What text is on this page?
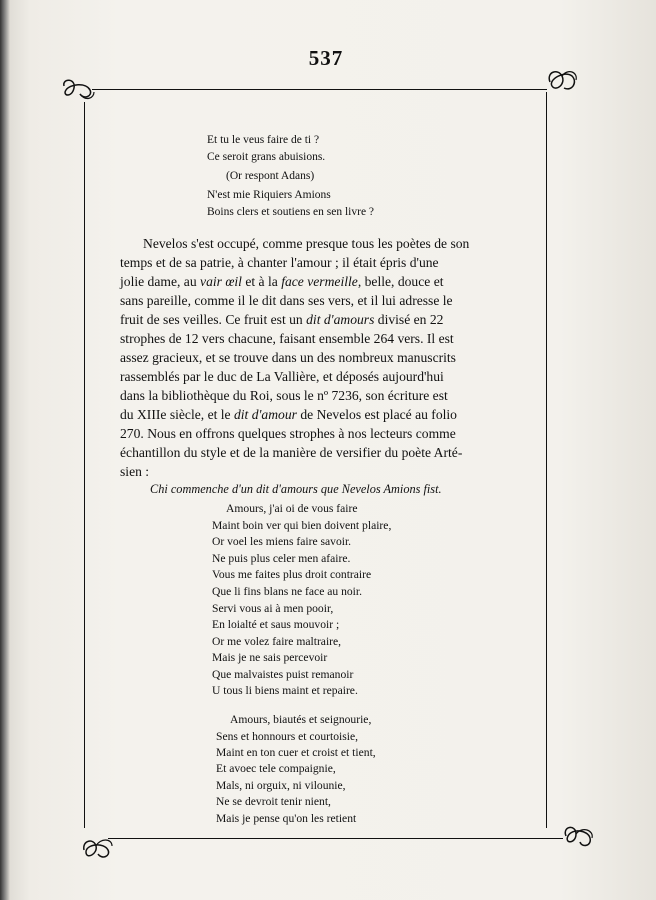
537
Et tu le veus faire de ti ?
Ce seroit grans abuisions.
(Or respont Adans)
N'est mie Riquiers Amions
Boins clers et soutiens en sen livre ?
Nevelos s'est occupé, comme presque tous les poètes de son
temps et de sa patrie, à chanter l'amour ; il était épris d'une
jolie dame, au vair œil et à la face vermeille, belle, douce et
sans pareille, comme il le dit dans ses vers, et il lui adresse le
fruit de ses veilles. Ce fruit est un dit d'amours divisé en 22
strophes de 12 vers chacune, faisant ensemble 264 vers. Il est
assez gracieux, et se trouve dans un des nombreux manuscrits
rassemblés par le duc de La Vallière, et déposés aujourd'hui
dans la bibliothèque du Roi, sous le nº 7236, son écriture est
du XIIIe siècle, et le dit d'amour de Nevelos est placé au folio
270. Nous en offrons quelques strophes à nos lecteurs comme
échantillon du style et de la manière de versifier du poète Arté-
sien :
Chi commenche d'un dit d'amours que Nevelos Amions fist.
Amours, j'ai oi de vous faire
Maint boin ver qui bien doivent plaire,
Or voel les miens faire savoir.
Ne puis plus celer men afaire.
Vous me faites plus droit contraire
Que li fins blans ne face au noir.
Servi vous ai à men pooir,
En loialté et saus mouvoir ;
Or me volez faire maltraire,
Mais je ne sais percevoir
Que malvaistes puist remanoir
U tous li biens maint et repaire.
Amours, biautés et seignourie,
Sens et honnours et courtoisie,
Maint en ton cuer et croist et tient,
Et avoec tele compaignie,
Mals, ni orguix, ni vilounie,
Ne se devroit tenir nient,
Mais je pense qu'on les retient
